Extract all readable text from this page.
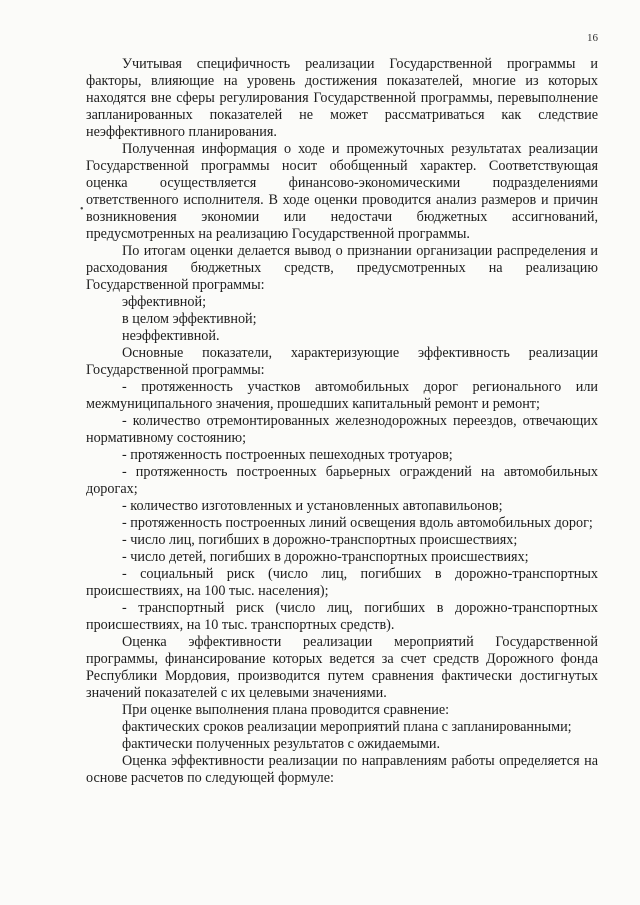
16
•

Учитывая специфичность реализации Государственной программы и факторы, влияющие на уровень достижения показателей, многие из которых находятся вне сферы регулирования Государственной программы, перевыполнение запланированных показателей не может рассматриваться как следствие неэффективного планирования.

Полученная информация о ходе и промежуточных результатах реализации Государственной программы носит обобщенный характер. Соответствующая оценка осуществляется финансово-экономическими подразделениями ответственного исполнителя. В ходе оценки проводится анализ размеров и причин возникновения экономии или недостачи бюджетных ассигнований, предусмотренных на реализацию Государственной программы.

По итогам оценки делается вывод о признании организации распределения и расходования бюджетных средств, предусмотренных на реализацию Государственной программы:

эффективной;

в целом эффективной;

неэффективной.

Основные показатели, характеризующие эффективность реализации Государственной программы:

- протяженность участков автомобильных дорог регионального или межмуниципального значения, прошедших капитальный ремонт и ремонт;

- количество отремонтированных железнодорожных переездов, отвечающих нормативному состоянию;

- протяженность построенных пешеходных тротуаров;

- протяженность построенных барьерных ограждений на автомобильных дорогах;

- количество изготовленных и установленных автопавильонов;

- протяженность построенных линий освещения вдоль автомобильных дорог;

- число лиц, погибших в дорожно-транспортных происшествиях;

- число детей, погибших в дорожно-транспортных происшествиях;

- социальный риск (число лиц, погибших в дорожно-транспортных происшествиях, на 100 тыс. населения);

- транспортный риск (число лиц, погибших в дорожно-транспортных происшествиях, на 10 тыс. транспортных средств).

Оценка эффективности реализации мероприятий Государственной программы, финансирование которых ведется за счет средств Дорожного фонда Республики Мордовия, производится путем сравнения фактически достигнутых значений показателей с их целевыми значениями.

При оценке выполнения плана проводится сравнение:

фактических сроков реализации мероприятий плана с запланированными;

фактически полученных результатов с ожидаемыми.

Оценка эффективности реализации по направлениям работы определяется на основе расчетов по следующей формуле:
